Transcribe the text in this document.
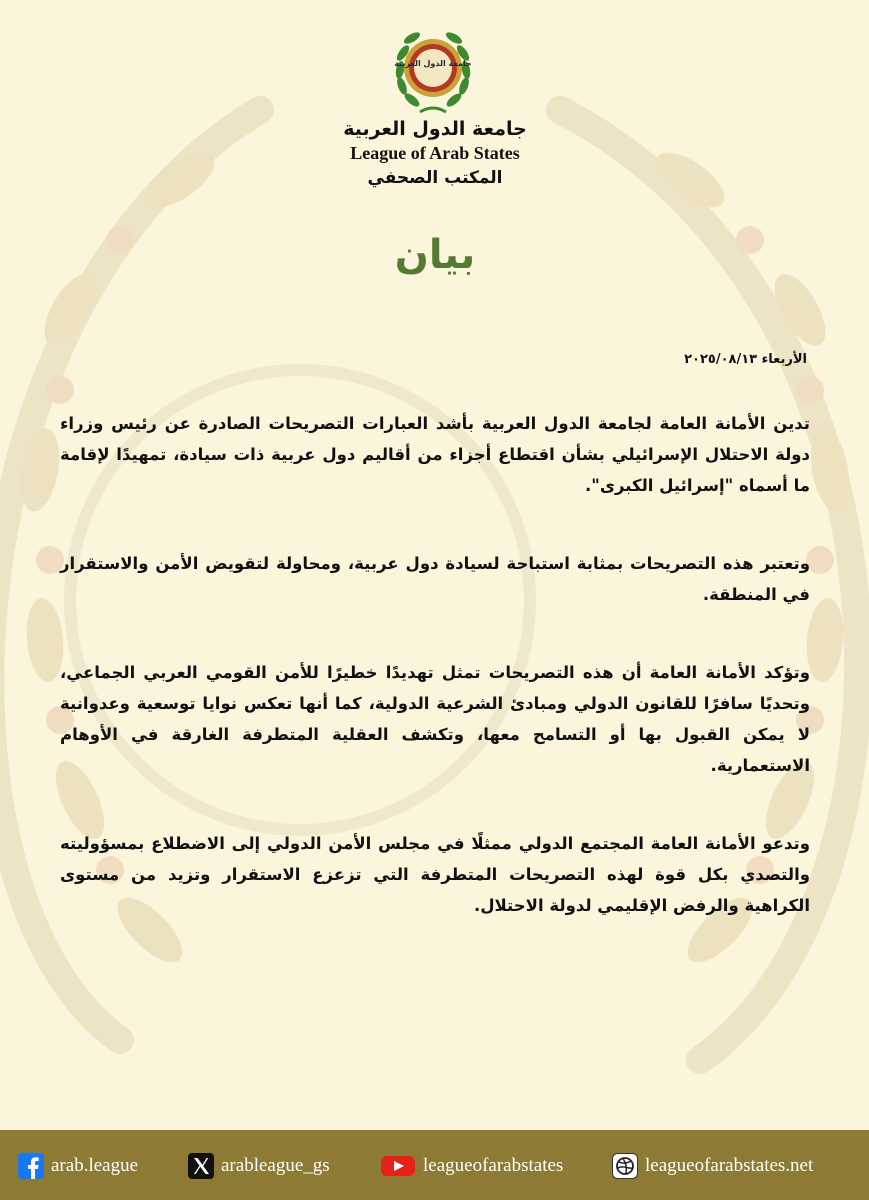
جامعة الدول العربية
جامعة الدول العربية
League of Arab States
المكتب الصحفي
بيان
الأربعاء ٢٠٢٥/٠٨/١٣

تدين الأمانة العامة لجامعة الدول العربية بأشد العبارات التصريحات الصادرة عن رئيس وزراء دولة الاحتلال الإسرائيلي بشأن اقتطاع أجزاء من أقاليم دول عربية ذات سيادة، تمهيدًا لإقامة ما أسماه "إسرائيل الكبرى".

وتعتبر هذه التصريحات بمثابة استباحة لسيادة دول عربية، ومحاولة لتقويض الأمن والاستقرار في المنطقة.

وتؤكد الأمانة العامة أن هذه التصريحات تمثل تهديدًا خطيرًا للأمن القومي العربي الجماعي، وتحديًا سافرًا للقانون الدولي ومبادئ الشرعية الدولية، كما أنها تعكس نوايا توسعية وعدوانية لا يمكن القبول بها أو التسامح معها، وتكشف العقلية المتطرفة الغارقة في الأوهام الاستعمارية.

وتدعو الأمانة العامة المجتمع الدولي ممثلًا في مجلس الأمن الدولي إلى الاضطلاع بمسؤوليته والتصدي بكل قوة لهذه التصريحات المتطرفة التي تزعزع الاستقرار وتزيد من مستوى الكراهية والرفض الإقليمي لدولة الاحتلال.

arab.league	arableague_gs	leagueofarabstates	leagueofarabstates.net
